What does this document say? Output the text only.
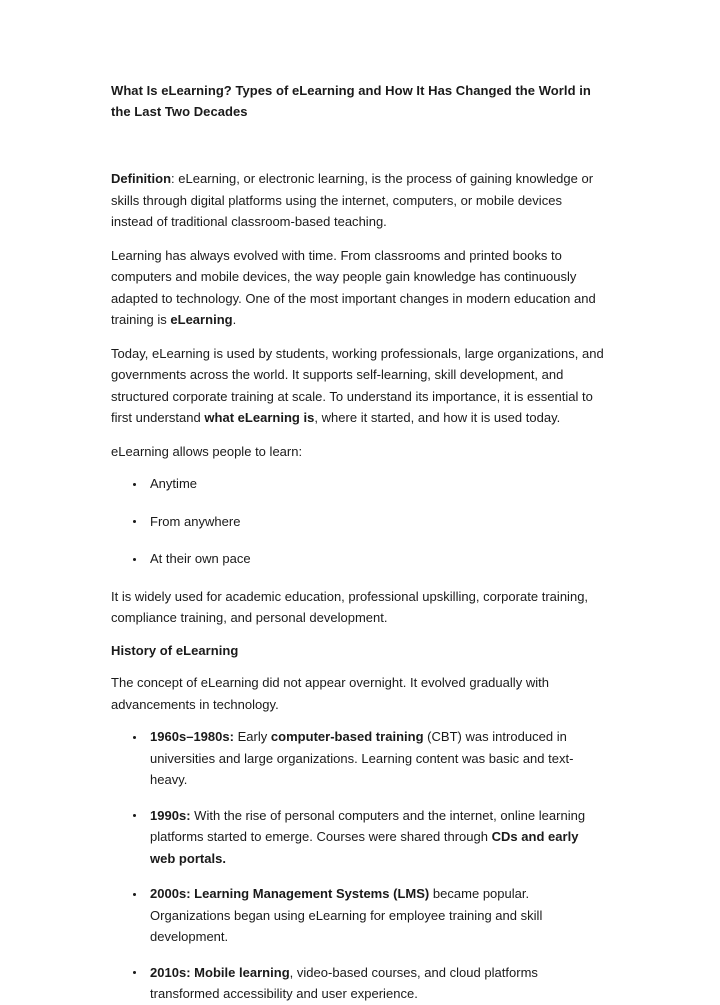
What Is eLearning? Types of eLearning and How It Has Changed the World in the Last Two Decades

Definition: eLearning, or electronic learning, is the process of gaining knowledge or skills through digital platforms using the internet, computers, or mobile devices instead of traditional classroom-based teaching.

Learning has always evolved with time. From classrooms and printed books to computers and mobile devices, the way people gain knowledge has continuously adapted to technology. One of the most important changes in modern education and training is eLearning.

Today, eLearning is used by students, working professionals, large organizations, and governments across the world. It supports self-learning, skill development, and structured corporate training at scale. To understand its importance, it is essential to first understand what eLearning is, where it started, and how it is used today.

eLearning allows people to learn:

Anytime
From anywhere
At their own pace

It is widely used for academic education, professional upskilling, corporate training, compliance training, and personal development.

History of eLearning

The concept of eLearning did not appear overnight. It evolved gradually with advancements in technology.

1960s–1980s: Early computer-based training (CBT) was introduced in universities and large organizations. Learning content was basic and text-heavy.
1990s: With the rise of personal computers and the internet, online learning platforms started to emerge. Courses were shared through CDs and early web portals.
2000s: Learning Management Systems (LMS) became popular. Organizations began using eLearning for employee training and skill development.
2010s: Mobile learning, video-based courses, and cloud platforms transformed accessibility and user experience.
